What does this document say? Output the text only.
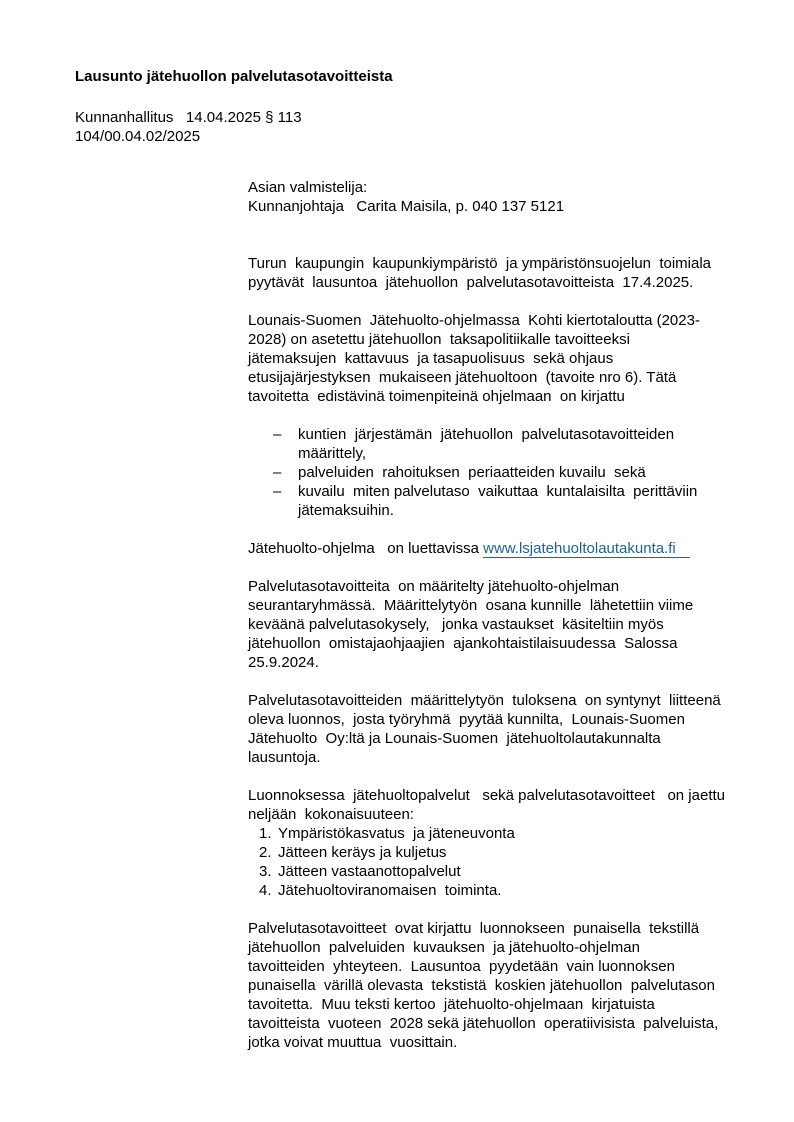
Lausunto jätehuollon palvelutasotavoitteista
Kunnanhallitus   14.04.2025 § 113
104/00.04.02/2025
Asian valmistelija:
Kunnanjohtaja   Carita Maisila, p. 040 137 5121
Turun  kaupungin  kaupunkiympäristö  ja ympäristönsuojelun  toimiala
pyytävät  lausuntoa  jätehuollon  palvelutasotavoitteista  17.4.2025.
Lounais-Suomen  Jätehuolto-ohjelmassa  Kohti kiertotaloutta (2023-
2028) on asetettu jätehuollon  taksapolitiikalle tavoitteeksi
jätemaksujen  kattavuus  ja tasapuolisuus  sekä ohjaus
etusijajärjestyksen  mukaiseen jätehuoltoon  (tavoite nro 6). Tätä
tavoitetta  edistävinä toimenpiteinä ohjelmaan  on kirjattu
–	kuntien  järjestämän  jätehuollon  palvelutasotavoitteiden
määrittely,
–	palveluiden  rahoituksen  periaatteiden kuvailu  sekä
–	kuvailu  miten palvelutaso  vaikuttaa  kuntalaisilta  perittäviin
jätemaksuihin.
Jätehuolto-ohjelma   on luettavissa www.lsjatehuoltolautakunta.fi
Palvelutasotavoitteita  on määritelty jätehuolto-ohjelman
seurantaryhmässä.  Määrittelytyön  osana kunnille  lähetettiin viime
keväänä palvelutasokysely,   jonka vastaukset  käsiteltiin myös
jätehuollon  omistajaohjaajien  ajankohtaistilaisuudessa  Salossa
25.9.2024.
Palvelutasotavoitteiden  määrittelytyön  tuloksena  on syntynyt  liitteenä
oleva luonnos,  josta työryhmä  pyytää kunnilta,  Lounais-Suomen
Jätehuolto  Oy:ltä ja Lounais-Suomen  jätehuoltolautakunnalta
lausuntoja.
Luonnoksessa  jätehuoltopalvelut   sekä palvelutasotavoitteet   on jaettu
neljään  kokonaisuuteen:
1. Ympäristökasvatus  ja jäteneuvonta
2. Jätteen keräys ja kuljetus
3. Jätteen vastaanottopalvelut
4. Jätehuoltoviranomaisen  toiminta.
Palvelutasotavoitteet  ovat kirjattu  luonnokseen  punaisella  tekstillä
jätehuollon  palveluiden  kuvauksen  ja jätehuolto-ohjelman
tavoitteiden  yhteyteen.  Lausuntoa  pyydetään  vain luonnoksen
punaisella  värillä olevasta  tekstistä  koskien jätehuollon  palvelutason
tavoitetta.  Muu teksti kertoo  jätehuolto-ohjelmaan  kirjatuista
tavoitteista  vuoteen  2028 sekä jätehuollon  operatiivisista  palveluista,
jotka voivat muuttua  vuosittain.
